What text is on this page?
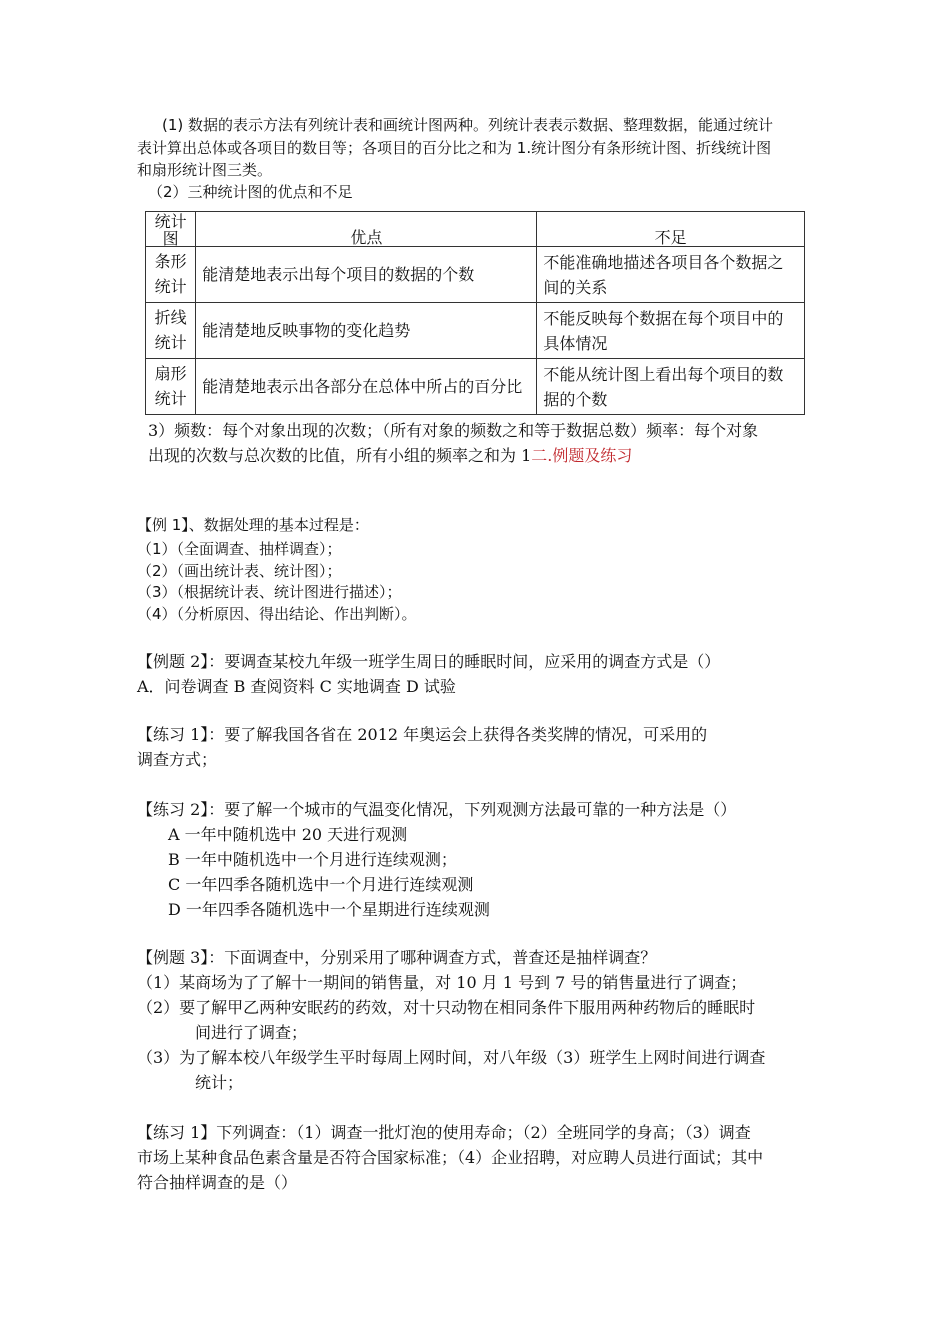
(1) 数据的表示方法有列统计表和画统计图两种。列统计表表示数据、整理数据，能通过统计
表计算出总体或各项目的数目等；各项目的百分比之和为 1.统计图分有条形统计图、折线统计图
和扇形统计图三类。
（2）三种统计图的优点和不足
统计图	优点	不足

条形统计	能清楚地表示出每个项目的数据的个数	不能准确地描述各项目各个数据之间的关系

折线统计	能清楚地反映事物的变化趋势	不能反映每个数据在每个项目中的具体情况

扇形统计	能清楚地表示出各部分在总体中所占的百分比	不能从统计图上看出每个项目的数据的个数
3）频数：每个对象出现的次数；（所有对象的频数之和等于数据总数）频率：每个对象
出现的次数与总次数的比值，所有小组的频率之和为 1二.例题及练习
【例 1】、数据处理的基本过程是：
（1）（全面调查、抽样调查）；
（2）（画出统计表、统计图）；
（3）（根据统计表、统计图进行描述）；
（4）（分析原因、得出结论、作出判断）。
【例题 2】：要调查某校九年级一班学生周日的睡眠时间，应采用的调查方式是（）
A．问卷调查 B 查阅资料 C 实地调查 D 试验
【练习 1】：要了解我国各省在 2012 年奥运会上获得各类奖牌的情况，可采用的
调查方式；
【练习 2】：要了解一个城市的气温变化情况，下列观测方法最可靠的一种方法是（）
A 一年中随机选中 20 天进行观测
B 一年中随机选中一个月进行连续观测；
C 一年四季各随机选中一个月进行连续观测
D 一年四季各随机选中一个星期进行连续观测
【例题 3】：下面调查中，分别采用了哪种调查方式，普查还是抽样调查？
（1）某商场为了了解十一期间的销售量，对 10 月 1 号到 7 号的销售量进行了调查；
（2）要了解甲乙两种安眠药的药效，对十只动物在相同条件下服用两种药物后的睡眠时
间进行了调查；
（3）为了解本校八年级学生平时每周上网时间，对八年级（3）班学生上网时间进行调查
统计；
【练习 1】下列调查：（1）调查一批灯泡的使用寿命；（2）全班同学的身高；（3）调查
市场上某种食品色素含量是否符合国家标准；（4）企业招聘，对应聘人员进行面试；其中
符合抽样调查的是（）
